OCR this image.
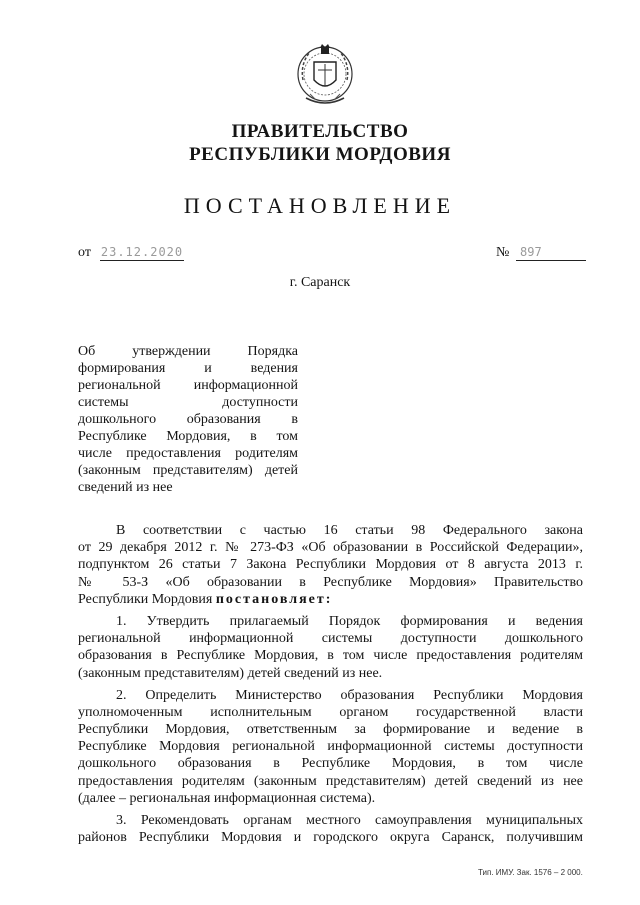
ПРАВИТЕЛЬСТВО
РЕСПУБЛИКИ МОРДОВИЯ
ПОСТАНОВЛЕНИЕ
от 23.12.2020	№ 897
г. Саранск
Об утверждении Порядка
формирования и ведения
региональной информационной
системы доступности
дошкольного образования в
Республике Мордовия, в том
числе предоставления родителям
(законным представителям) детей
сведений из нее
В соответствии с частью 16 статьи 98 Федерального закона
от 29 декабря 2012 г. № 273-ФЗ «Об образовании в Российской Федерации»,
подпунктом 26 статьи 7 Закона Республики Мордовия от 8 августа 2013 г.
№ 53-З «Об образовании в Республике Мордовия» Правительство
Республики Мордовия постановляет:
1. Утвердить прилагаемый Порядок формирования и ведения
региональной информационной системы доступности дошкольного
образования в Республике Мордовия, в том числе предоставления родителям
(законным представителям) детей сведений из нее.
2. Определить Министерство образования Республики Мордовия
уполномоченным исполнительным органом государственной власти
Республики Мордовия, ответственным за формирование и ведение в
Республике Мордовия региональной информационной системы доступности
дошкольного образования в Республике Мордовия, в том числе
предоставления родителям (законным представителям) детей сведений из нее
(далее – региональная информационная система).
3. Рекомендовать органам местного самоуправления муниципальных
районов Республики Мордовия и городского округа Саранск, получившим
Тип. ИМУ. Зак. 1576 – 2 000.
